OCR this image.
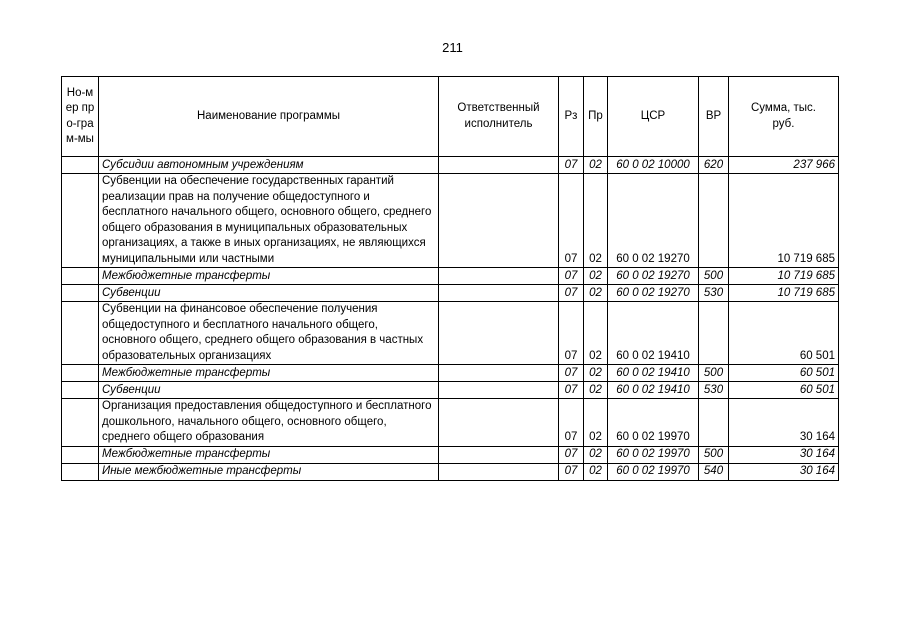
211
Но-мер про-грам-мы	Наименование программы	Ответственный исполнитель	Рз	Пр	ЦСР	ВР	Сумма, тыс. руб.
	Субсидии автономным учреждениям		07	02	60 0 02 10000	620	237 966
	Субвенции на обеспечение государственных гарантий реализации прав на получение общедоступного и бесплатного начального общего, основного общего, среднего общего образования в муниципальных образовательных организациях, а также в иных организациях, не являющихся муниципальными или частными		07	02	60 0 02 19270		10 719 685
	Межбюджетные трансферты		07	02	60 0 02 19270	500	10 719 685
	Субвенции		07	02	60 0 02 19270	530	10 719 685
	Субвенции на финансовое обеспечение получения общедоступного и бесплатного начального общего, основного общего, среднего общего образования в частных образовательных организациях		07	02	60 0 02 19410		60 501
	Межбюджетные трансферты		07	02	60 0 02 19410	500	60 501
	Субвенции		07	02	60 0 02 19410	530	60 501
	Организация предоставления общедоступного и бесплатного дошкольного, начального общего, основного общего, среднего общего образования		07	02	60 0 02 19970		30 164
	Межбюджетные трансферты		07	02	60 0 02 19970	500	30 164
	Иные межбюджетные трансферты		07	02	60 0 02 19970	540	30 164
